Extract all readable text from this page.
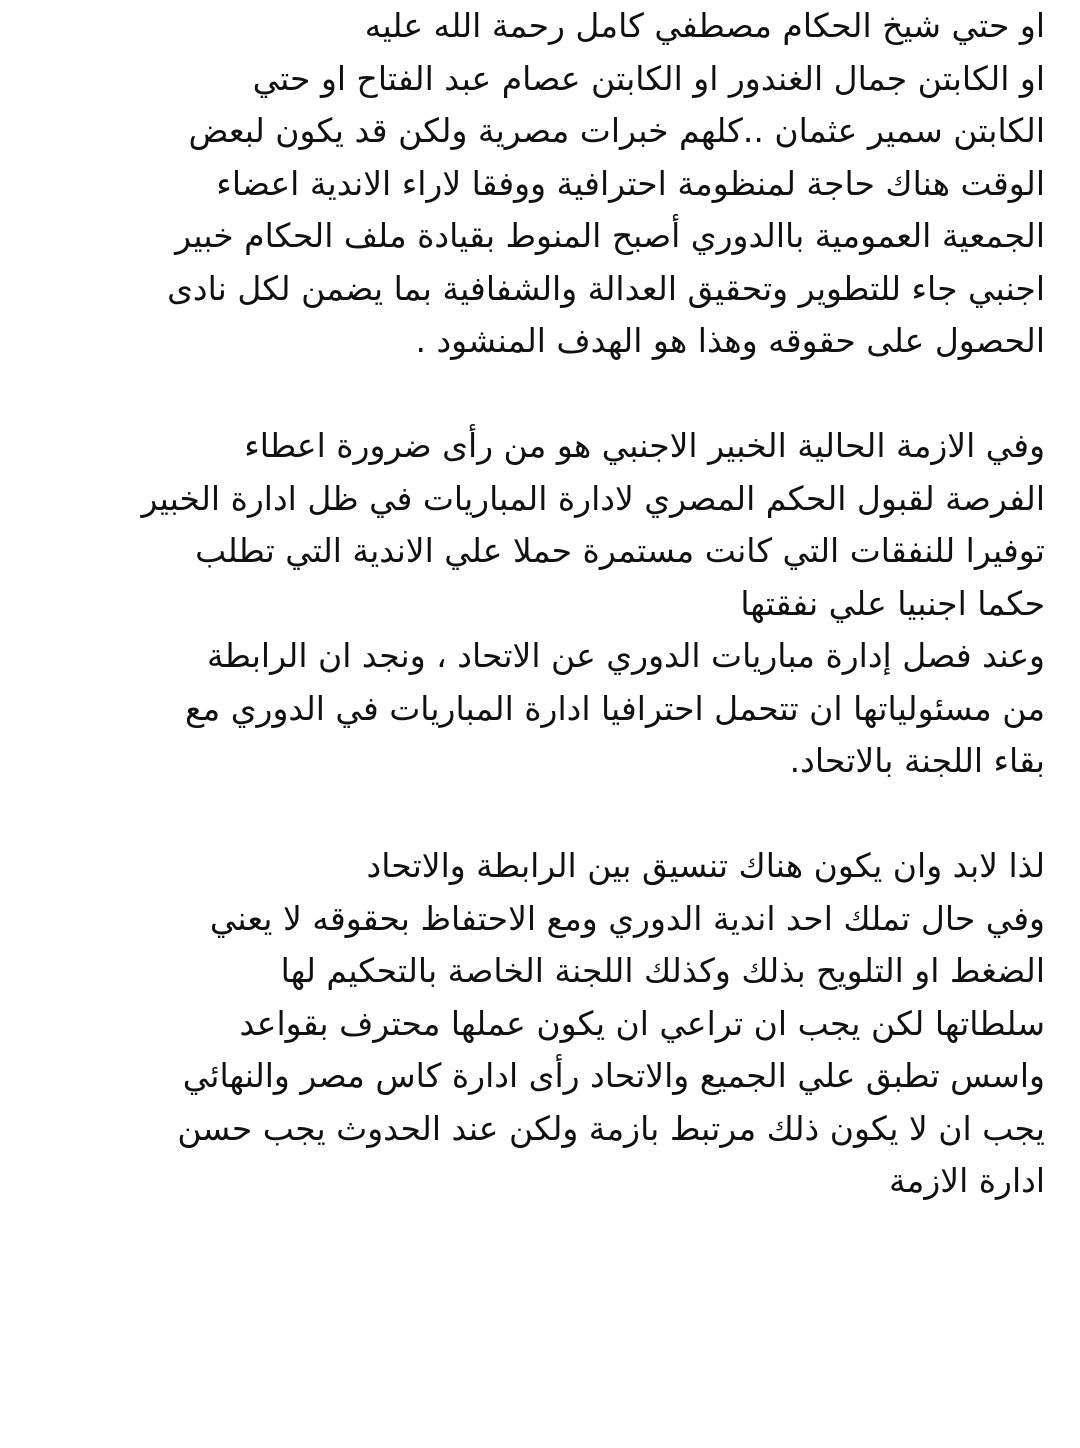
او حتي شيخ الحكام مصطفي كامل رحمة الله عليه
او الكابتن جمال الغندور او الكابتن عصام عبد الفتاح او حتي
الكابتن سمير عثمان ..كلهم خبرات مصرية ولكن قد يكون لبعض
الوقت هناك حاجة لمنظومة احترافية ووفقا لاراء الاندية اعضاء
الجمعية العمومية باالدوري أصبح المنوط بقيادة ملف الحكام خبير
اجنبي جاء للتطوير وتحقيق العدالة والشفافية بما يضمن لكل نادى
الحصول على حقوقه وهذا هو الهدف المنشود .
وفي الازمة الحالية الخبير الاجنبي هو من رأى ضرورة اعطاء
الفرصة لقبول الحكم المصري لادارة المباريات في ظل ادارة الخبير
توفيرا للنفقات التي كانت مستمرة حملا علي الاندية التي تطلب
حكما اجنبيا علي نفقتها
وعند فصل إدارة مباريات الدوري عن الاتحاد ، ونجد ان الرابطة
من مسئولياتها ان تتحمل احترافيا ادارة المباريات في الدوري مع
بقاء اللجنة بالاتحاد.
لذا لابد وان يكون هناك تنسيق بين الرابطة والاتحاد
وفي حال تملك احد اندية الدوري ومع الاحتفاظ بحقوقه لا يعني
الضغط او التلويح بذلك وكذلك اللجنة الخاصة بالتحكيم لها
سلطاتها لكن يجب ان تراعي ان يكون عملها محترف بقواعد
واسس تطبق علي الجميع والاتحاد رأى ادارة كاس مصر والنهائي
يجب ان لا يكون ذلك مرتبط بازمة ولكن عند الحدوث يجب حسن
ادارة الازمة
